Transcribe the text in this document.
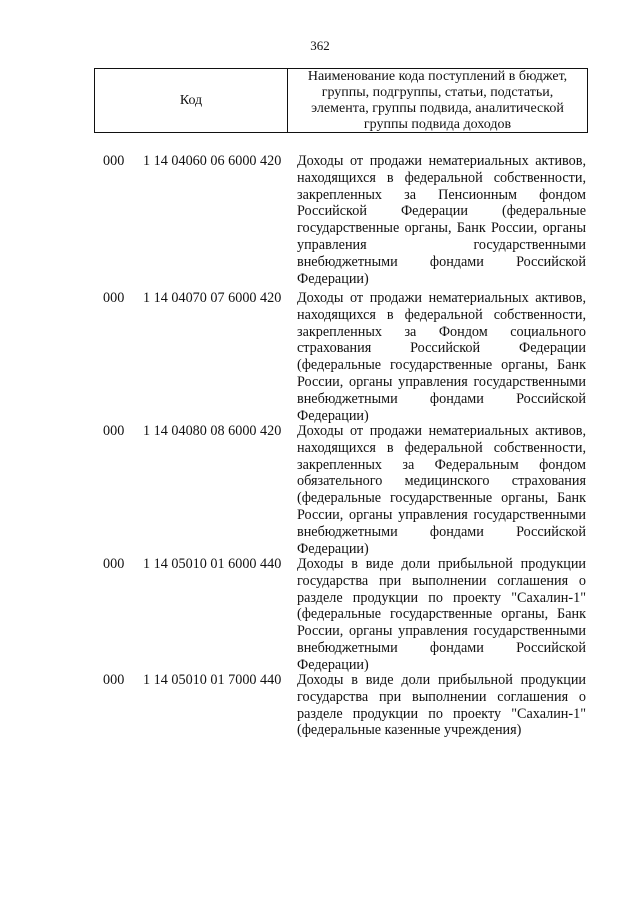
362
Код
Наименование кода поступлений в бюджет, группы, подгруппы, статьи, подстатьи, элемента, группы подвида, аналитической группы подвида доходов
000 1 14 04060 06 6000 420 Доходы от продажи нематериальных активов, находящихся в федеральной собственности, закрепленных за Пенсионным фондом Российской Федерации (федеральные государственные органы, Банк России, органы управления государственными внебюджетными фондами Российской Федерации)
000 1 14 04070 07 6000 420 Доходы от продажи нематериальных активов, находящихся в федеральной собственности, закрепленных за Фондом социального страхования Российской Федерации (федеральные государственные органы, Банк России, органы управления государственными внебюджетными фондами Российской Федерации)
000 1 14 04080 08 6000 420 Доходы от продажи нематериальных активов, находящихся в федеральной собственности, закрепленных за Федеральным фондом обязательного медицинского страхования (федеральные государственные органы, Банк России, органы управления государственными внебюджетными фондами Российской Федерации)
000 1 14 05010 01 6000 440 Доходы в виде доли прибыльной продукции государства при выполнении соглашения о разделе продукции по проекту "Сахалин-1" (федеральные государственные органы, Банк России, органы управления государственными внебюджетными фондами Российской Федерации)
000 1 14 05010 01 7000 440 Доходы в виде доли прибыльной продукции государства при выполнении соглашения о разделе продукции по проекту "Сахалин-1" (федеральные казенные учреждения)
